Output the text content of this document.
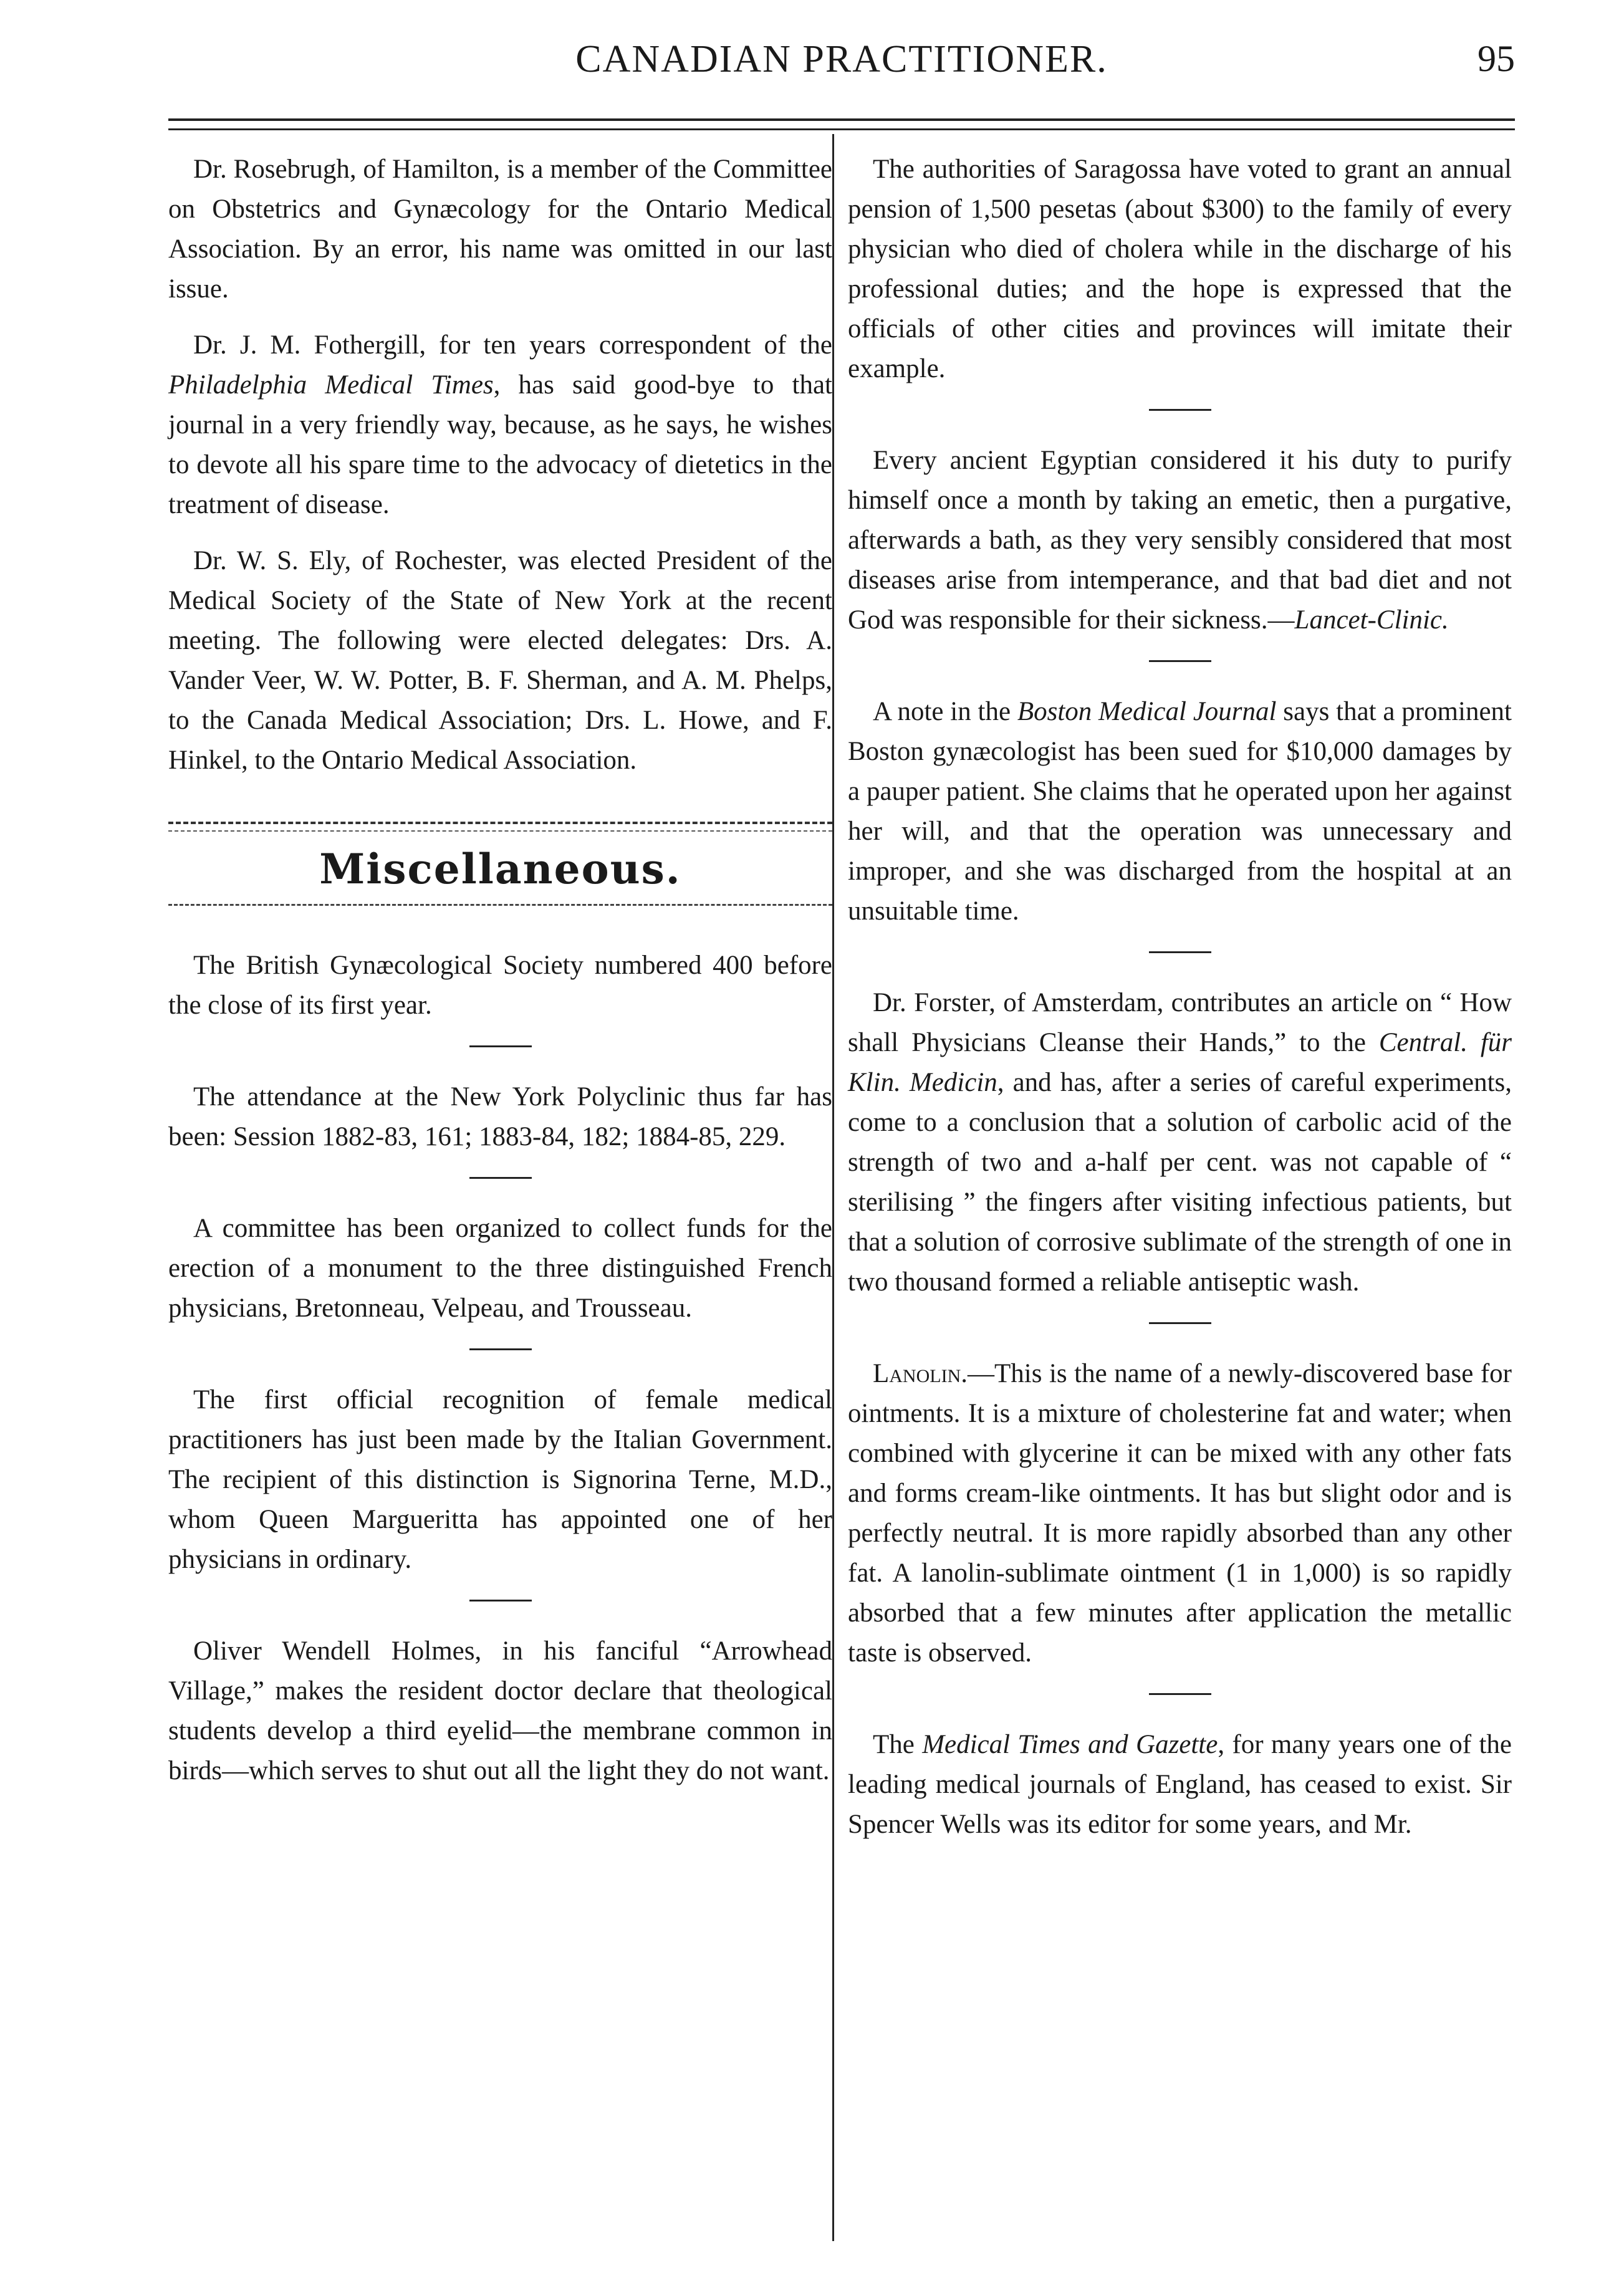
CANADIAN PRACTITIONER.	95

Dr. Rosebrugh, of Hamilton, is a member of the Committee on Obstetrics and Gynæcology for the Ontario Medical Association. By an error, his name was omitted in our last issue.

Dr. J. M. Fothergill, for ten years correspondent of the Philadelphia Medical Times, has said good-bye to that journal in a very friendly way, because, as he says, he wishes to devote all his spare time to the advocacy of dietetics in the treatment of disease.

Dr. W. S. Ely, of Rochester, was elected President of the Medical Society of the State of New York at the recent meeting. The following were elected delegates: Drs. A. Vander Veer, W. W. Potter, B. F. Sherman, and A. M. Phelps, to the Canada Medical Association; Drs. L. Howe, and F. Hinkel, to the Ontario Medical Association.

Miscellaneous.

The British Gynæcological Society numbered 400 before the close of its first year.

The attendance at the New York Polyclinic thus far has been: Session 1882-83, 161; 1883-84, 182; 1884-85, 229.

A committee has been organized to collect funds for the erection of a monument to the three distinguished French physicians, Bretonneau, Velpeau, and Trousseau.

The first official recognition of female medical practitioners has just been made by the Italian Government. The recipient of this distinction is Signorina Terne, M.D., whom Queen Margueritta has appointed one of her physicians in ordinary.

Oliver Wendell Holmes, in his fanciful “Arrowhead Village,” makes the resident doctor declare that theological students develop a third eyelid—the membrane common in birds—which serves to shut out all the light they do not want.

The authorities of Saragossa have voted to grant an annual pension of 1,500 pesetas (about $300) to the family of every physician who died of cholera while in the discharge of his professional duties; and the hope is expressed that the officials of other cities and provinces will imitate their example.

Every ancient Egyptian considered it his duty to purify himself once a month by taking an emetic, then a purgative, afterwards a bath, as they very sensibly considered that most diseases arise from intemperance, and that bad diet and not God was responsible for their sickness.—Lancet-Clinic.

A note in the Boston Medical Journal says that a prominent Boston gynæcologist has been sued for $10,000 damages by a pauper patient. She claims that he operated upon her against her will, and that the operation was unnecessary and improper, and she was discharged from the hospital at an unsuitable time.

Dr. Forster, of Amsterdam, contributes an article on “ How shall Physicians Cleanse their Hands,” to the Central. für Klin. Medicin, and has, after a series of careful experiments, come to a conclusion that a solution of carbolic acid of the strength of two and a-half per cent. was not capable of “ sterilising ” the fingers after visiting infectious patients, but that a solution of corrosive sublimate of the strength of one in two thousand formed a reliable antiseptic wash.

Lanolin.—This is the name of a newly-discovered base for ointments. It is a mixture of cholesterine fat and water; when combined with glycerine it can be mixed with any other fats and forms cream-like ointments. It has but slight odor and is perfectly neutral. It is more rapidly absorbed than any other fat. A lanolin-sublimate ointment (1 in 1,000) is so rapidly absorbed that a few minutes after application the metallic taste is observed.

The Medical Times and Gazette, for many years one of the leading medical journals of England, has ceased to exist. Sir Spencer Wells was its editor for some years, and Mr.
